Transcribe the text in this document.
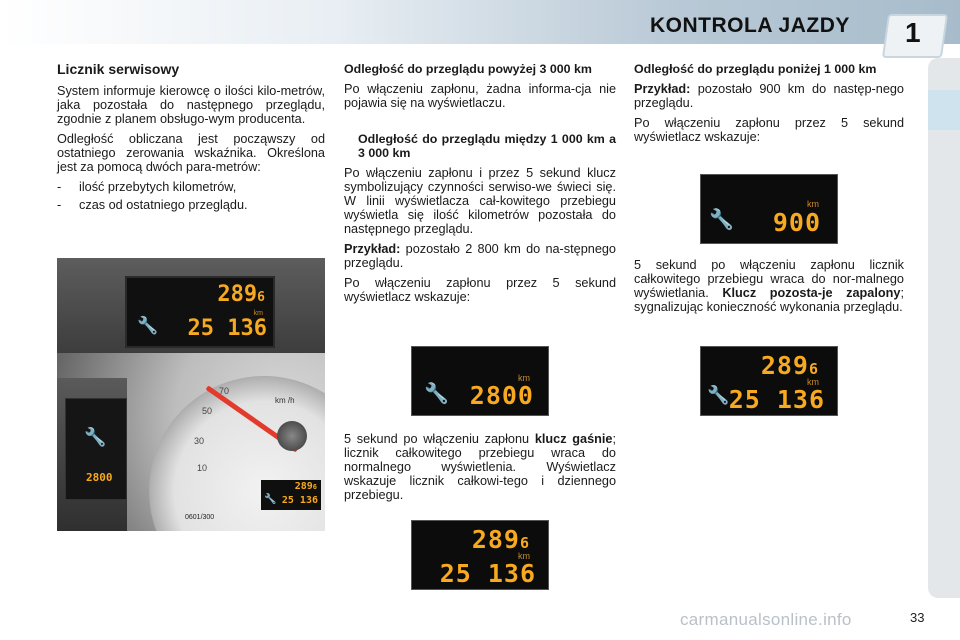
KONTROLA JAZDY 1
Licznik serwisowy

System informuje kierowcę o ilości kilo-metrów, jaka pozostała do następnego przeglądu, zgodnie z planem obsługo-wym producenta.

Odległość obliczana jest począwszy od ostatniego zerowania wskaźnika. Określona jest za pomocą dwóch para-metrów:

-	ilość przebytych kilometrów,
-	czas od ostatniego przeglądu.
2896
km
🔧 25 136
🔧
2800
km /h
70
50
30
10
2896
🔧 25 136
0601/300
Odległość do przeglądu powyżej 3 000 km

Po włączeniu zapłonu, żadna informa-cja nie pojawia się na wyświetlaczu.

Odległość do przeglądu między 1 000 km a 3 000 km

Po włączeniu zapłonu i przez 5 sekund klucz symbolizujący czynności serwiso-we świeci się. W linii wyświetlacza cał-kowitego przebiegu wyświetla się ilość kilometrów pozostała do następnego przeglądu.

Przykład: pozostało 2 800 km do na-stępnego przeglądu.

Po włączeniu zapłonu przez 5 sekund wyświetlacz wskazuje:

km
🔧 2800

5 sekund po włączeniu zapłonu klucz gaśnie; licznik całkowitego przebiegu wraca do normalnego wyświetlenia. Wyświetlacz wskazuje licznik całkowi-tego i dziennego przebiegu.

2896
km
25 136
Odległość do przeglądu poniżej 1 000 km

Przykład: pozostało 900 km do następ-nego przeglądu.

Po włączeniu zapłonu przez 5 sekund wyświetlacz wskazuje:

km
🔧 900

5 sekund po włączeniu zapłonu licznik całkowitego przebiegu wraca do nor-malnego wyświetlania. Klucz pozosta-je zapalony; sygnalizując konieczność wykonania przeglądu.

2896
km
🔧 25 136
carmanualsonline.info	33
